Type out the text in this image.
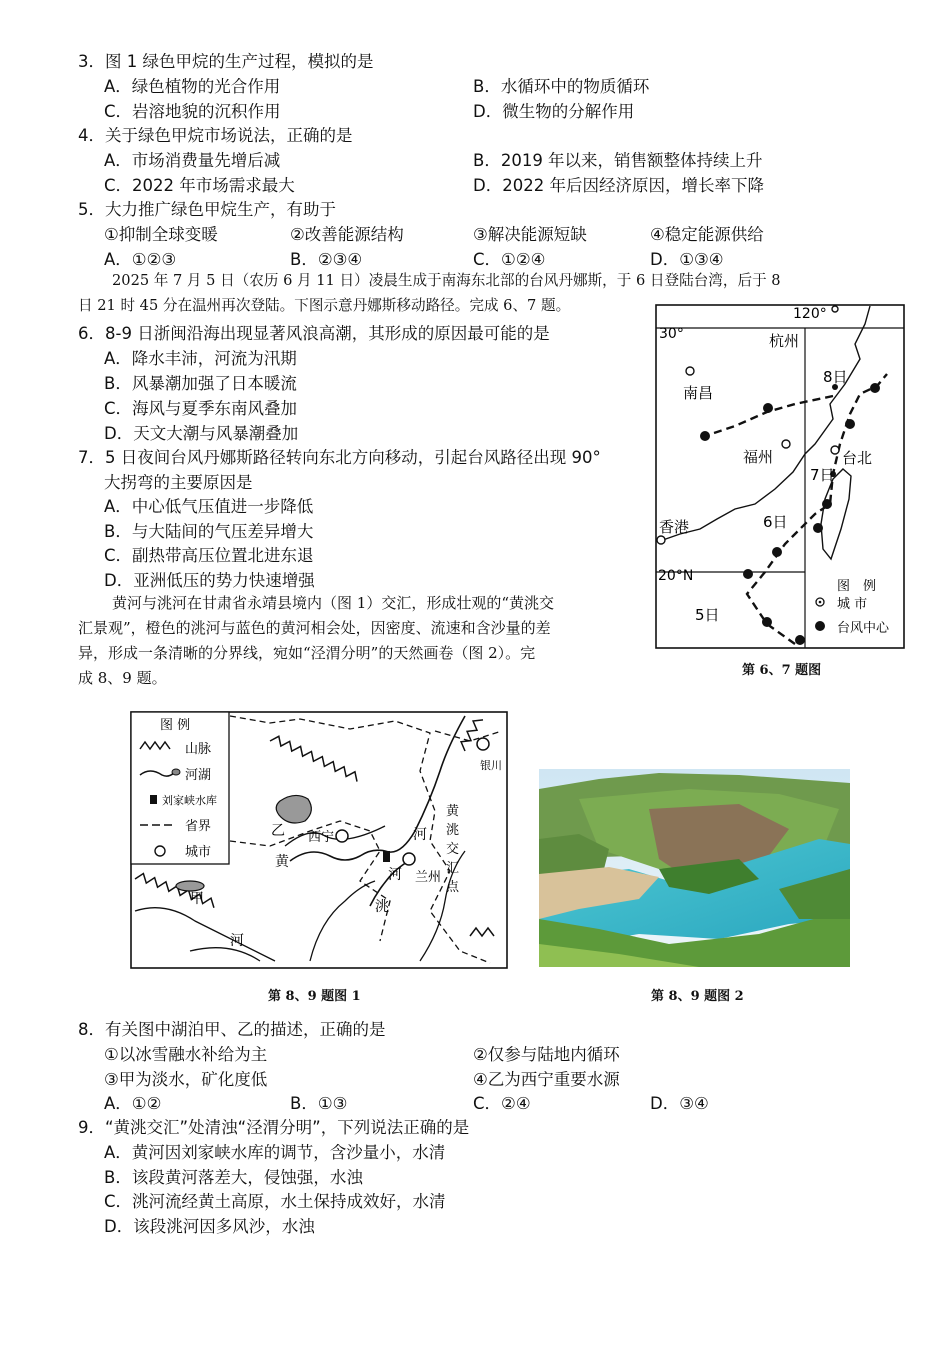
3．图 1 绿色甲烷的生产过程，模拟的是
A．绿色植物的光合作用	B．水循环中的物质循环
C．岩溶地貌的沉积作用	D．微生物的分解作用
4．关于绿色甲烷市场说法，正确的是
A．市场消费量先增后减	B．2019 年以来，销售额整体持续上升
C．2022 年市场需求最大	D．2022 年后因经济原因，增长率下降
5．大力推广绿色甲烷生产，有助于
①抑制全球变暖	②改善能源结构	③解决能源短缺	④稳定能源供给
A．①②③	B．②③④	C．①②④	D．①③④
2025 年 7 月 5 日（农历 6 月 11 日）凌晨生成于南海东北部的台风丹娜斯，于 6 日登陆台湾，后于 8
日 21 时 45 分在温州再次登陆。下图示意丹娜斯移动路径。完成 6、7 题。
6．8-9 日浙闽沿海出现显著风浪高潮，其形成的原因最可能的是
A．降水丰沛，河流为汛期
B．风暴潮加强了日本暖流
C．海风与夏季东南风叠加
D．天文大潮与风暴潮叠加
7．5 日夜间台风丹娜斯路径转向东北方向移动，引起台风路径出现 90°
大拐弯的主要原因是
A．中心低气压值进一步降低
B．与大陆间的气压差异增大
C．副热带高压位置北进东退
D．亚洲低压的势力快速增强
120°
30°	杭州
南昌
福州	台北
香港
8日
7日
6日
5日
20°N
图　例
城 市
台风中心
第 6、7 题图
黄河与洮河在甘肃省永靖县境内（图 1）交汇，形成壮观的“黄洮交
汇景观”，橙色的洮河与蓝色的黄河相会处，因密度、流速和含沙量的差
异，形成一条清晰的分界线，宛如“泾渭分明”的天然画卷（图 2）。完
成 8、9 题。
图 例
山脉
河湖
刘家峡水库
省界
城市
乙
黄
西宁
甲
河
洮
河
兰州
黄
洮
交
汇
点
银川
河
第 8、9 题图 1	第 8、9 题图 2
8．有关图中湖泊甲、乙的描述，正确的是
①以冰雪融水补给为主	②仅参与陆地内循环
③甲为淡水，矿化度低	④乙为西宁重要水源
A．①②	B．①③	C．②④	D．③④
9．“黄洮交汇”处清浊“泾渭分明”，下列说法正确的是
A．黄河因刘家峡水库的调节，含沙量小，水清
B．该段黄河落差大，侵蚀强，水浊
C．洮河流经黄土高原，水土保持成效好，水清
D．该段洮河因多风沙，水浊
